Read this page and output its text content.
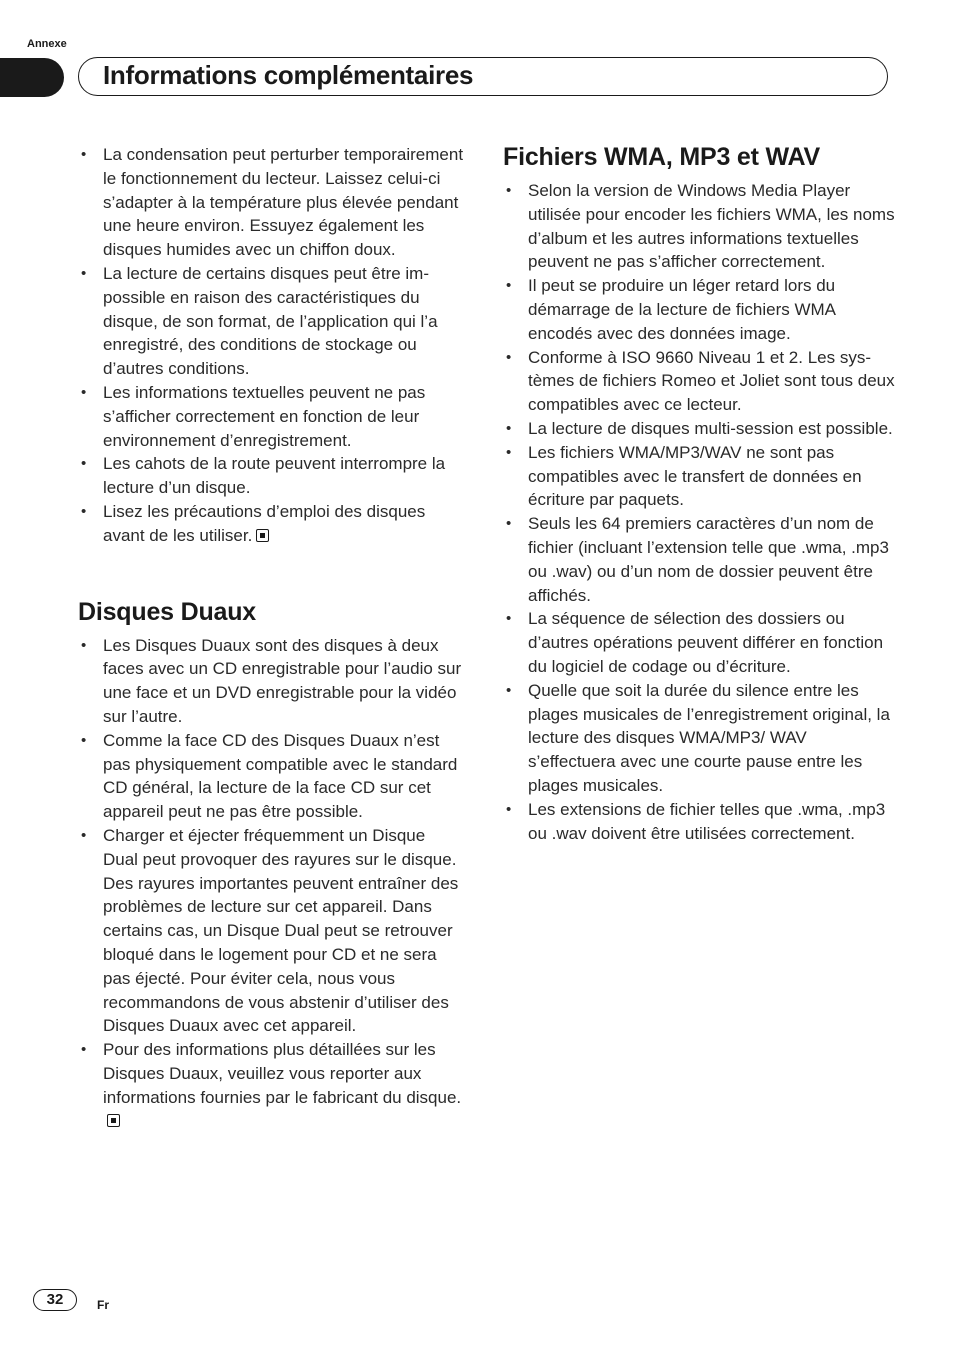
Annexe
Informations complémentaires
• La condensation peut perturber temporairement le fonctionnement du lecteur. Laissez celui-ci s’adapter à la température plus élevée pendant une heure environ. Essuyez également les disques humides avec un chiffon doux.
• La lecture de certains disques peut être impossible en raison des caractéristiques du disque, de son format, de l’application qui l’a enregistré, des conditions de stockage ou d’autres conditions.
• Les informations textuelles peuvent ne pas s’afficher correctement en fonction de leur environnement d’enregistrement.
• Les cahots de la route peuvent interrompre la lecture d’un disque.
• Lisez les précautions d’emploi des disques avant de les utiliser.
Disques Duaux
• Les Disques Duaux sont des disques à deux faces avec un CD enregistrable pour l’audio sur une face et un DVD enregistrable pour la vidéo sur l’autre.
• Comme la face CD des Disques Duaux n’est pas physiquement compatible avec le standard CD général, la lecture de la face CD sur cet appareil peut ne pas être possible.
• Charger et éjecter fréquemment un Disque Dual peut provoquer des rayures sur le disque. Des rayures importantes peuvent entraîner des problèmes de lecture sur cet appareil. Dans certains cas, un Disque Dual peut se retrouver bloqué dans le logement pour CD et ne sera pas éjecté. Pour éviter cela, nous vous recommandons de vous abstenir d’utiliser des Disques Duaux avec cet appareil.
• Pour des informations plus détaillées sur les Disques Duaux, veuillez vous reporter aux informations fournies par le fabricant du disque.
Fichiers WMA, MP3 et WAV
• Selon la version de Windows Media Player utilisée pour encoder les fichiers WMA, les noms d’album et les autres informations textuelles peuvent ne pas s’afficher correctement.
• Il peut se produire un léger retard lors du démarrage de la lecture de fichiers WMA encodés avec des données image.
• Conforme à ISO 9660 Niveau 1 et 2. Les systèmes de fichiers Romeo et Joliet sont tous deux compatibles avec ce lecteur.
• La lecture de disques multi-session est possible.
• Les fichiers WMA/MP3/WAV ne sont pas compatibles avec le transfert de données en écriture par paquets.
• Seuls les 64 premiers caractères d’un nom de fichier (incluant l’extension telle que .wma, .mp3 ou .wav) ou d’un nom de dossier peuvent être affichés.
• La séquence de sélection des dossiers ou d’autres opérations peuvent différer en fonction du logiciel de codage ou d’écriture.
• Quelle que soit la durée du silence entre les plages musicales de l’enregistrement original, la lecture des disques WMA/MP3/ WAV s’effectuera avec une courte pause entre les plages musicales.
• Les extensions de fichier telles que .wma, .mp3 ou .wav doivent être utilisées correctement.
32	Fr
